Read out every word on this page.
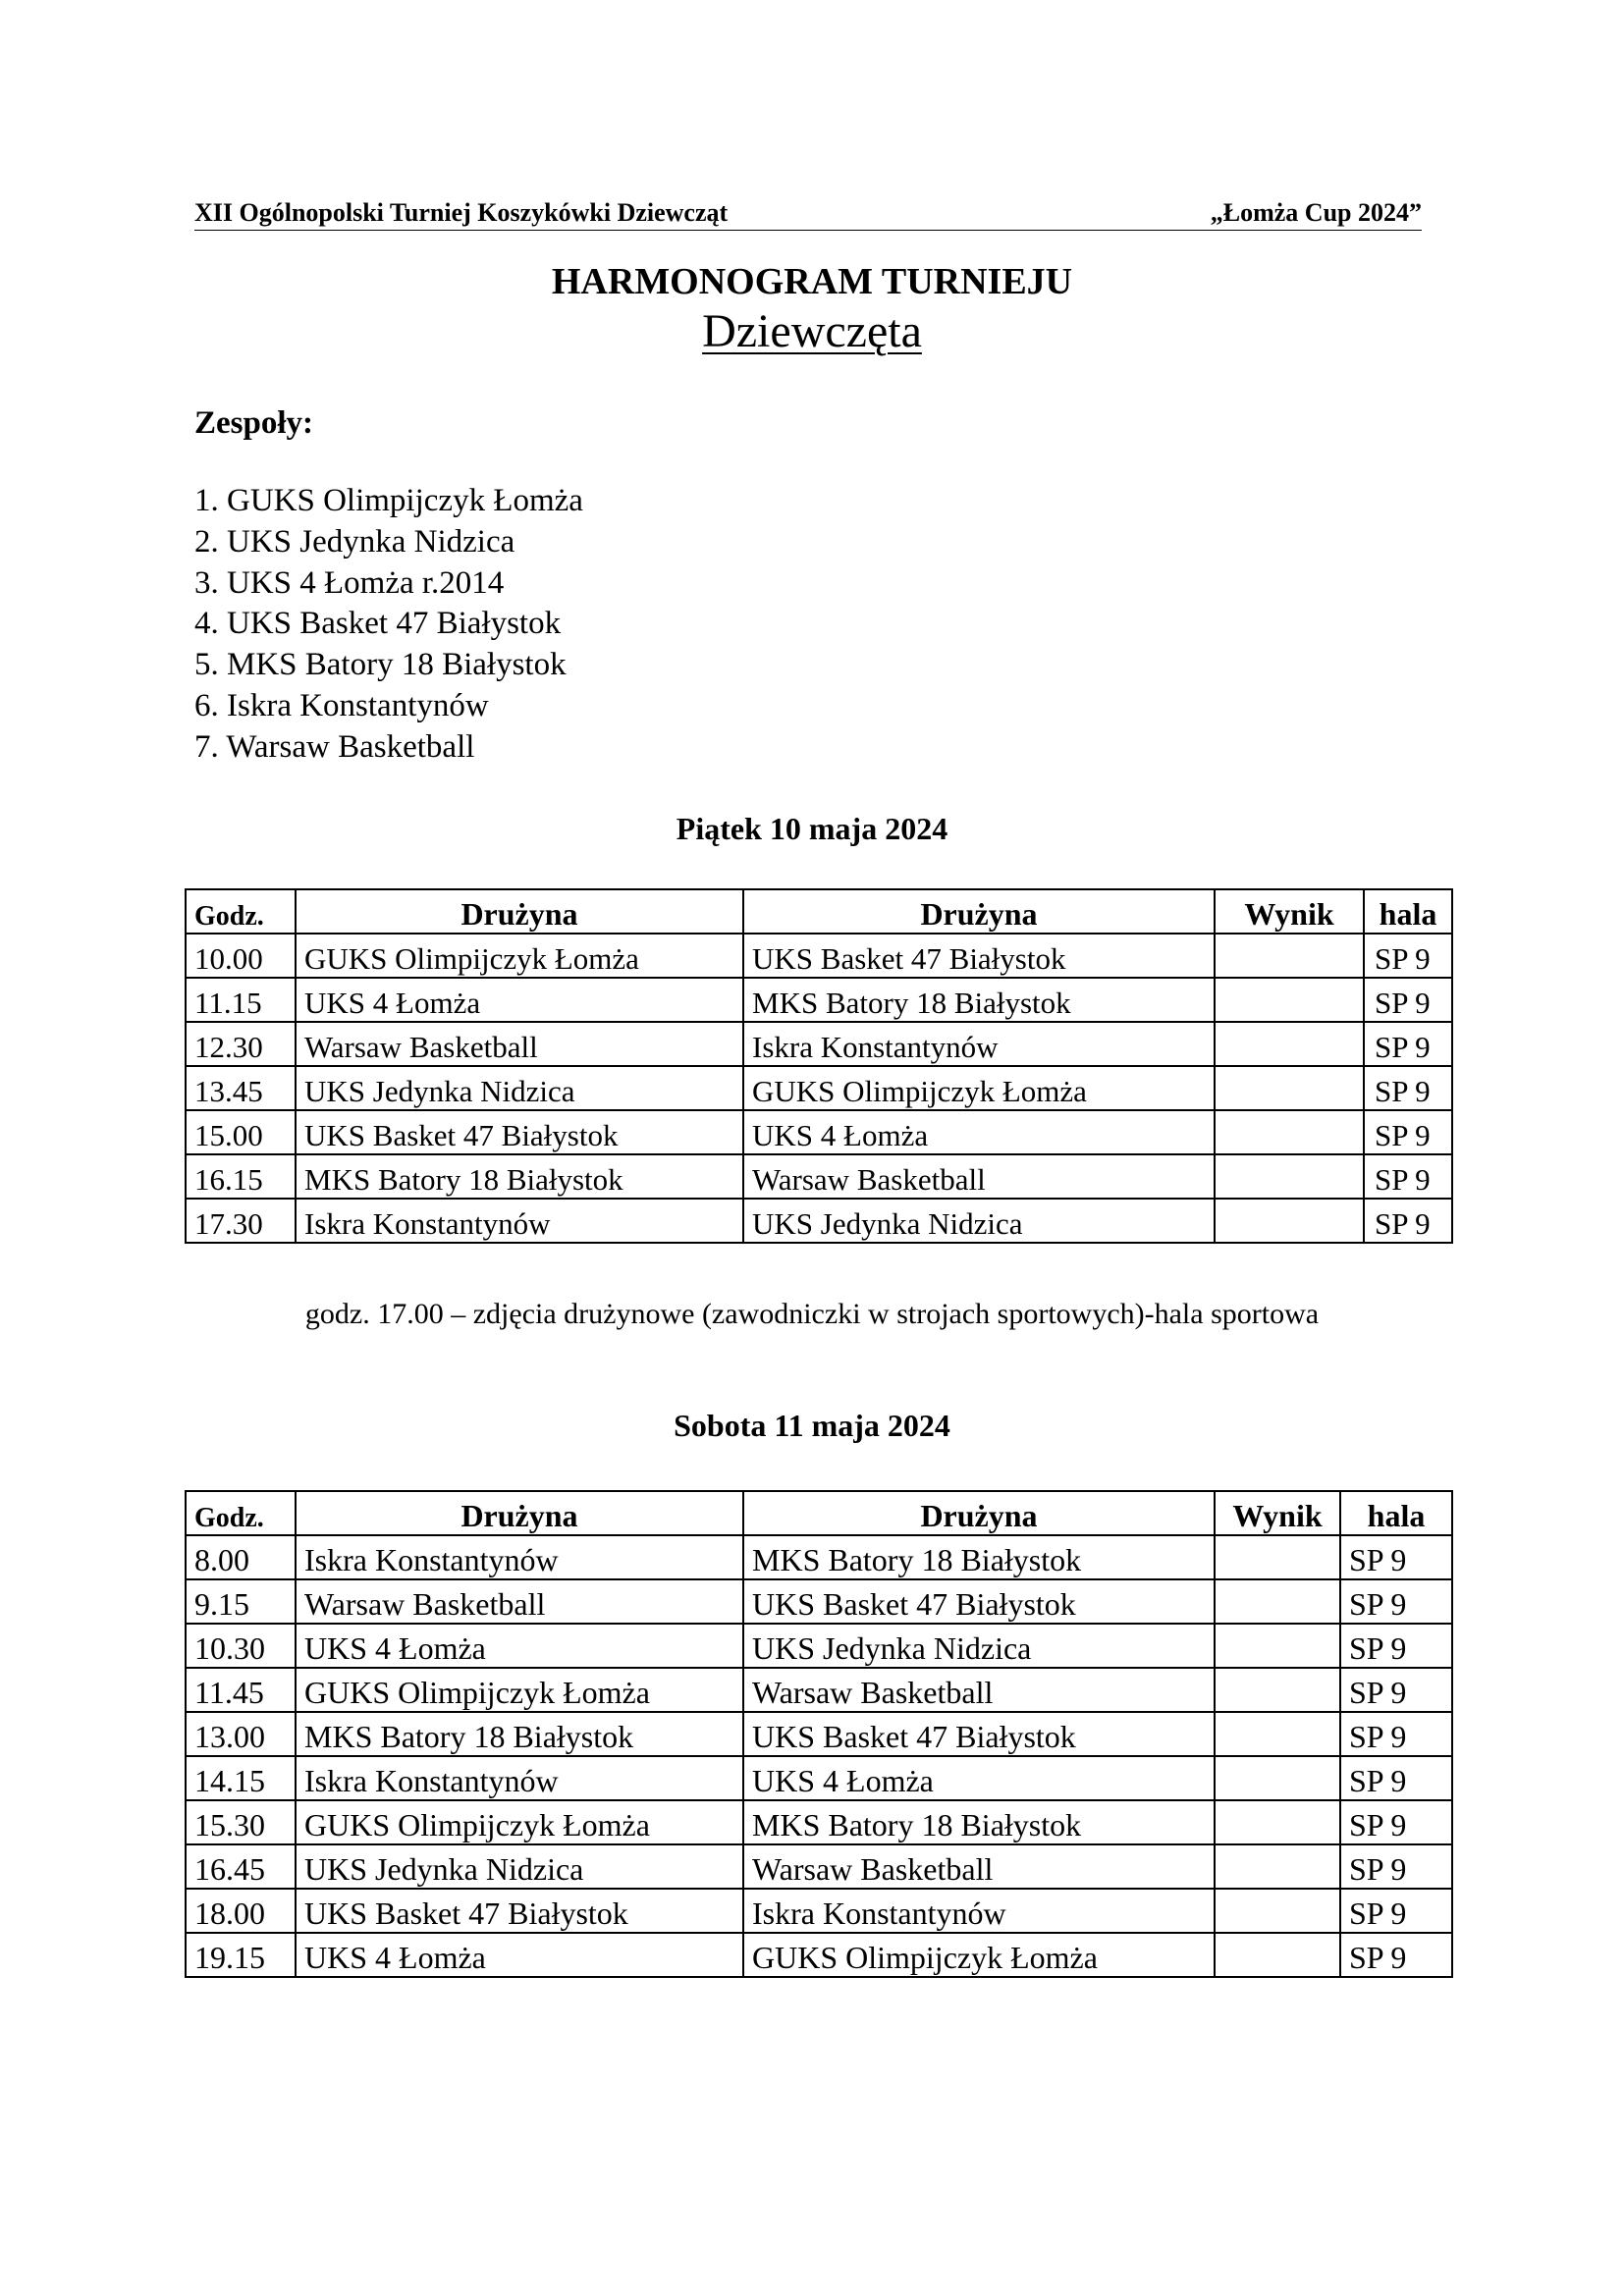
XII Ogólnopolski Turniej Koszykówki Dziewcząt	„Łomża Cup 2024”
HARMONOGRAM TURNIEJU
Dziewczęta
Zespoły:
1. GUKS Olimpijczyk Łomża
2. UKS Jedynka Nidzica
3. UKS 4 Łomża r.2014
4. UKS Basket 47 Białystok
5. MKS Batory 18 Białystok
6. Iskra Konstantynów
7. Warsaw Basketball
Piątek 10 maja 2024
Godz.	Drużyna	Drużyna	Wynik	hala
10.00	GUKS Olimpijczyk Łomża	UKS Basket 47 Białystok		SP 9
11.15	UKS 4 Łomża	MKS Batory 18 Białystok		SP 9
12.30	Warsaw Basketball	Iskra Konstantynów		SP 9
13.45	UKS Jedynka Nidzica	GUKS Olimpijczyk Łomża		SP 9
15.00	UKS Basket 47 Białystok	UKS 4 Łomża		SP 9
16.15	MKS Batory 18 Białystok	Warsaw Basketball		SP 9
17.30	Iskra Konstantynów	UKS Jedynka Nidzica		SP 9
godz. 17.00 – zdjęcia drużynowe (zawodniczki w strojach sportowych)-hala sportowa
Sobota 11 maja 2024
Godz.	Drużyna	Drużyna	Wynik	hala
8.00	Iskra Konstantynów	MKS Batory 18 Białystok		SP 9
9.15	Warsaw Basketball	UKS Basket 47 Białystok		SP 9
10.30	UKS 4 Łomża	UKS Jedynka Nidzica		SP 9
11.45	GUKS Olimpijczyk Łomża	Warsaw Basketball		SP 9
13.00	MKS Batory 18 Białystok	UKS Basket 47 Białystok		SP 9
14.15	Iskra Konstantynów	UKS 4 Łomża		SP 9
15.30	GUKS Olimpijczyk Łomża	MKS Batory 18 Białystok		SP 9
16.45	UKS Jedynka Nidzica	Warsaw Basketball		SP 9
18.00	UKS Basket 47 Białystok	Iskra Konstantynów		SP 9
19.15	UKS 4 Łomża	GUKS Olimpijczyk Łomża		SP 9
